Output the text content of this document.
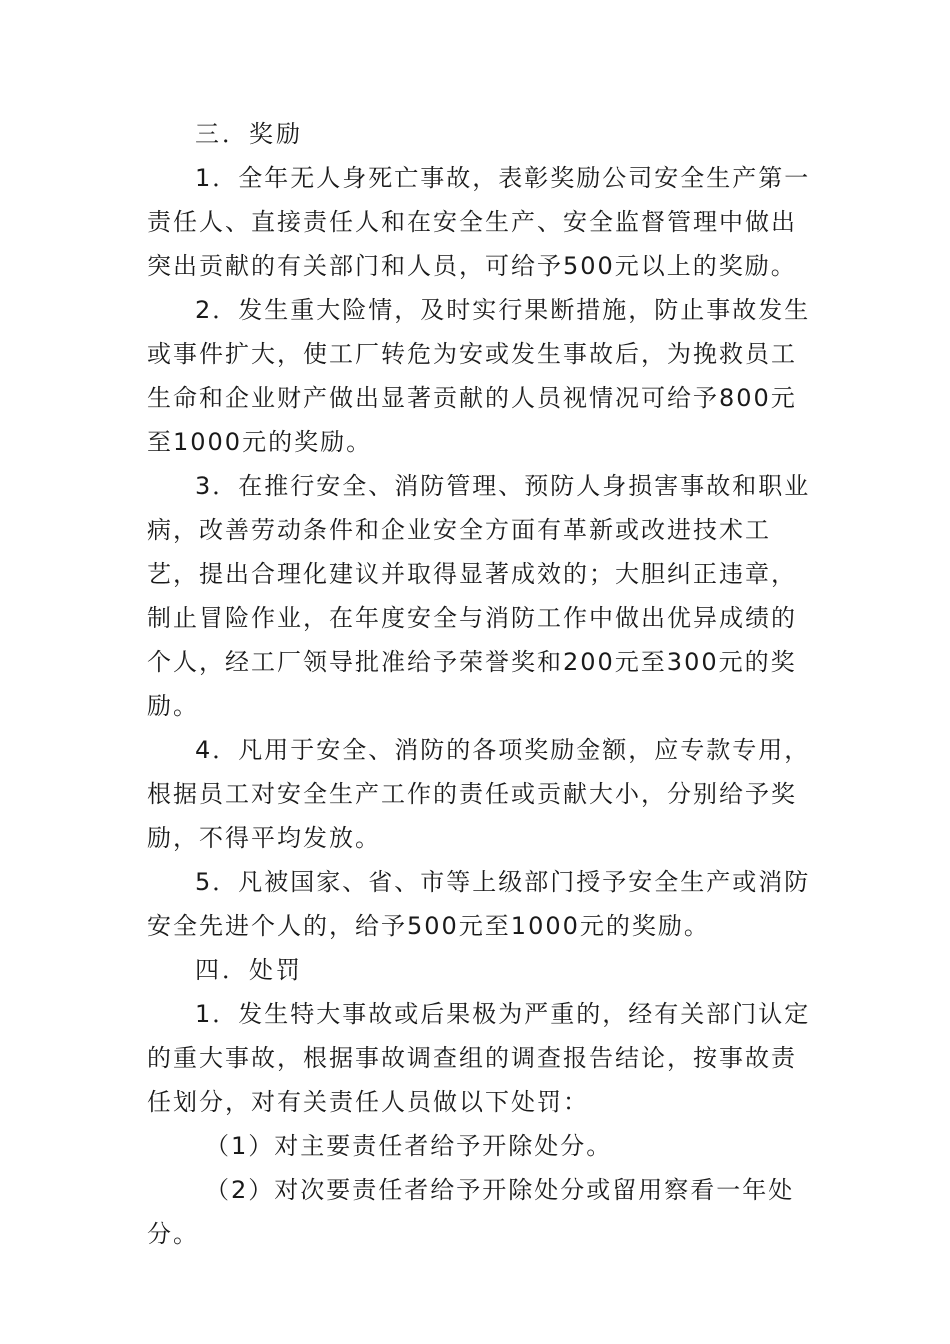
三．奖励

1．全年无人身死亡事故，表彰奖励公司安全生产第一责任人、直接责任人和在安全生产、安全监督管理中做出突出贡献的有关部门和人员，可给予500元以上的奖励。

2．发生重大险情，及时实行果断措施，防止事故发生或事件扩大，使工厂转危为安或发生事故后，为挽救员工生命和企业财产做出显著贡献的人员视情况可给予800元至1000元的奖励。

3．在推行安全、消防管理、预防人身损害事故和职业病，改善劳动条件和企业安全方面有革新或改进技术工艺，提出合理化建议并取得显著成效的；大胆纠正违章，制止冒险作业，在年度安全与消防工作中做出优异成绩的个人，经工厂领导批准给予荣誉奖和200元至300元的奖励。

4．凡用于安全、消防的各项奖励金额，应专款专用，根据员工对安全生产工作的责任或贡献大小，分别给予奖励，不得平均发放。

5．凡被国家、省、市等上级部门授予安全生产或消防安全先进个人的，给予500元至1000元的奖励。

四．处罚

1．发生特大事故或后果极为严重的，经有关部门认定的重大事故，根据事故调查组的调查报告结论，按事故责任划分，对有关责任人员做以下处罚：

（1）对主要责任者给予开除处分。

（2）对次要责任者给予开除处分或留用察看一年处分。
